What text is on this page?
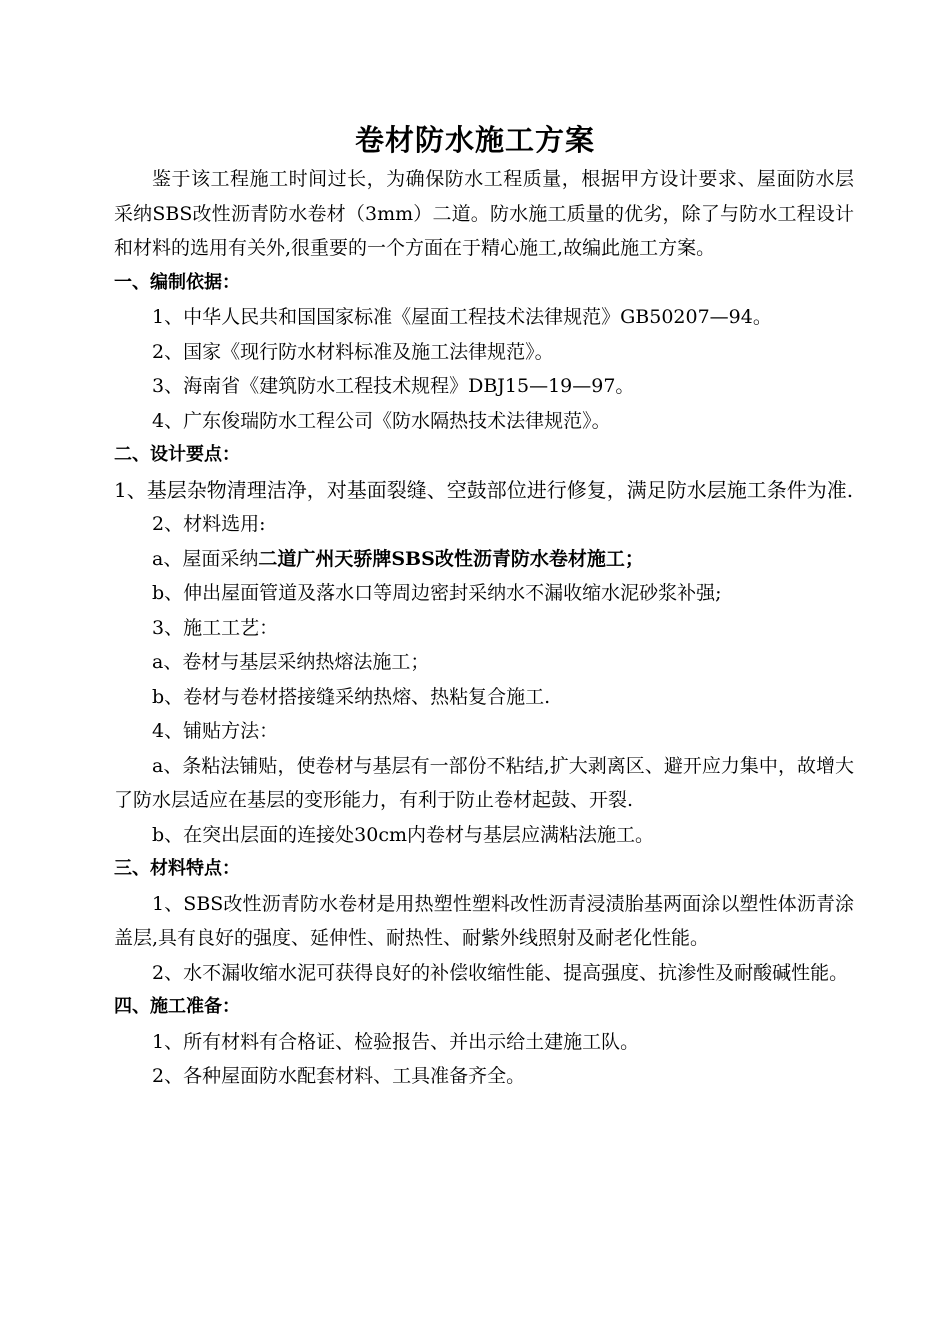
卷材防水施工方案

鉴于该工程施工时间过长，为确保防水工程质量，根据甲方设计要求、屋面防水层采纳SBS改性沥青防水卷材（3mm）二道。防水施工质量的优劣，除了与防水工程设计和材料的选用有关外,很重要的一个方面在于精心施工,故编此施工方案。

一、编制依据：

1、中华人民共和国国家标准《屋面工程技术法律规范》GB50207—94。

2、国家《现行防水材料标准及施工法律规范》。

3、海南省《建筑防水工程技术规程》DBJ15—19—97。

4、广东俊瑞防水工程公司《防水隔热技术法律规范》。

二、设计要点：

1、基层杂物清理洁净，对基面裂缝、空鼓部位进行修复，满足防水层施工条件为准.

2、材料选用:

a、屋面采纳二道广州天骄牌SBS改性沥青防水卷材施工；

b、伸出屋面管道及落水口等周边密封采纳水不漏收缩水泥砂浆补强;

3、施工工艺：

a、卷材与基层采纳热熔法施工；

b、卷材与卷材搭接缝采纳热熔、热粘复合施工.

4、铺贴方法：

a、条粘法铺贴，使卷材与基层有一部份不粘结,扩大剥离区、避开应力集中，故增大了防水层适应在基层的变形能力，有利于防止卷材起鼓、开裂.

b、在突出层面的连接处30cm内卷材与基层应满粘法施工。

三、材料特点：

1、SBS改性沥青防水卷材是用热塑性塑料改性沥青浸渍胎基两面涂以塑性体沥青涂盖层,具有良好的强度、延伸性、耐热性、耐紫外线照射及耐老化性能。

2、水不漏收缩水泥可获得良好的补偿收缩性能、提高强度、抗渗性及耐酸碱性能。

四、施工准备：

1、所有材料有合格证、检验报告、并出示给土建施工队。

2、各种屋面防水配套材料、工具准备齐全。
